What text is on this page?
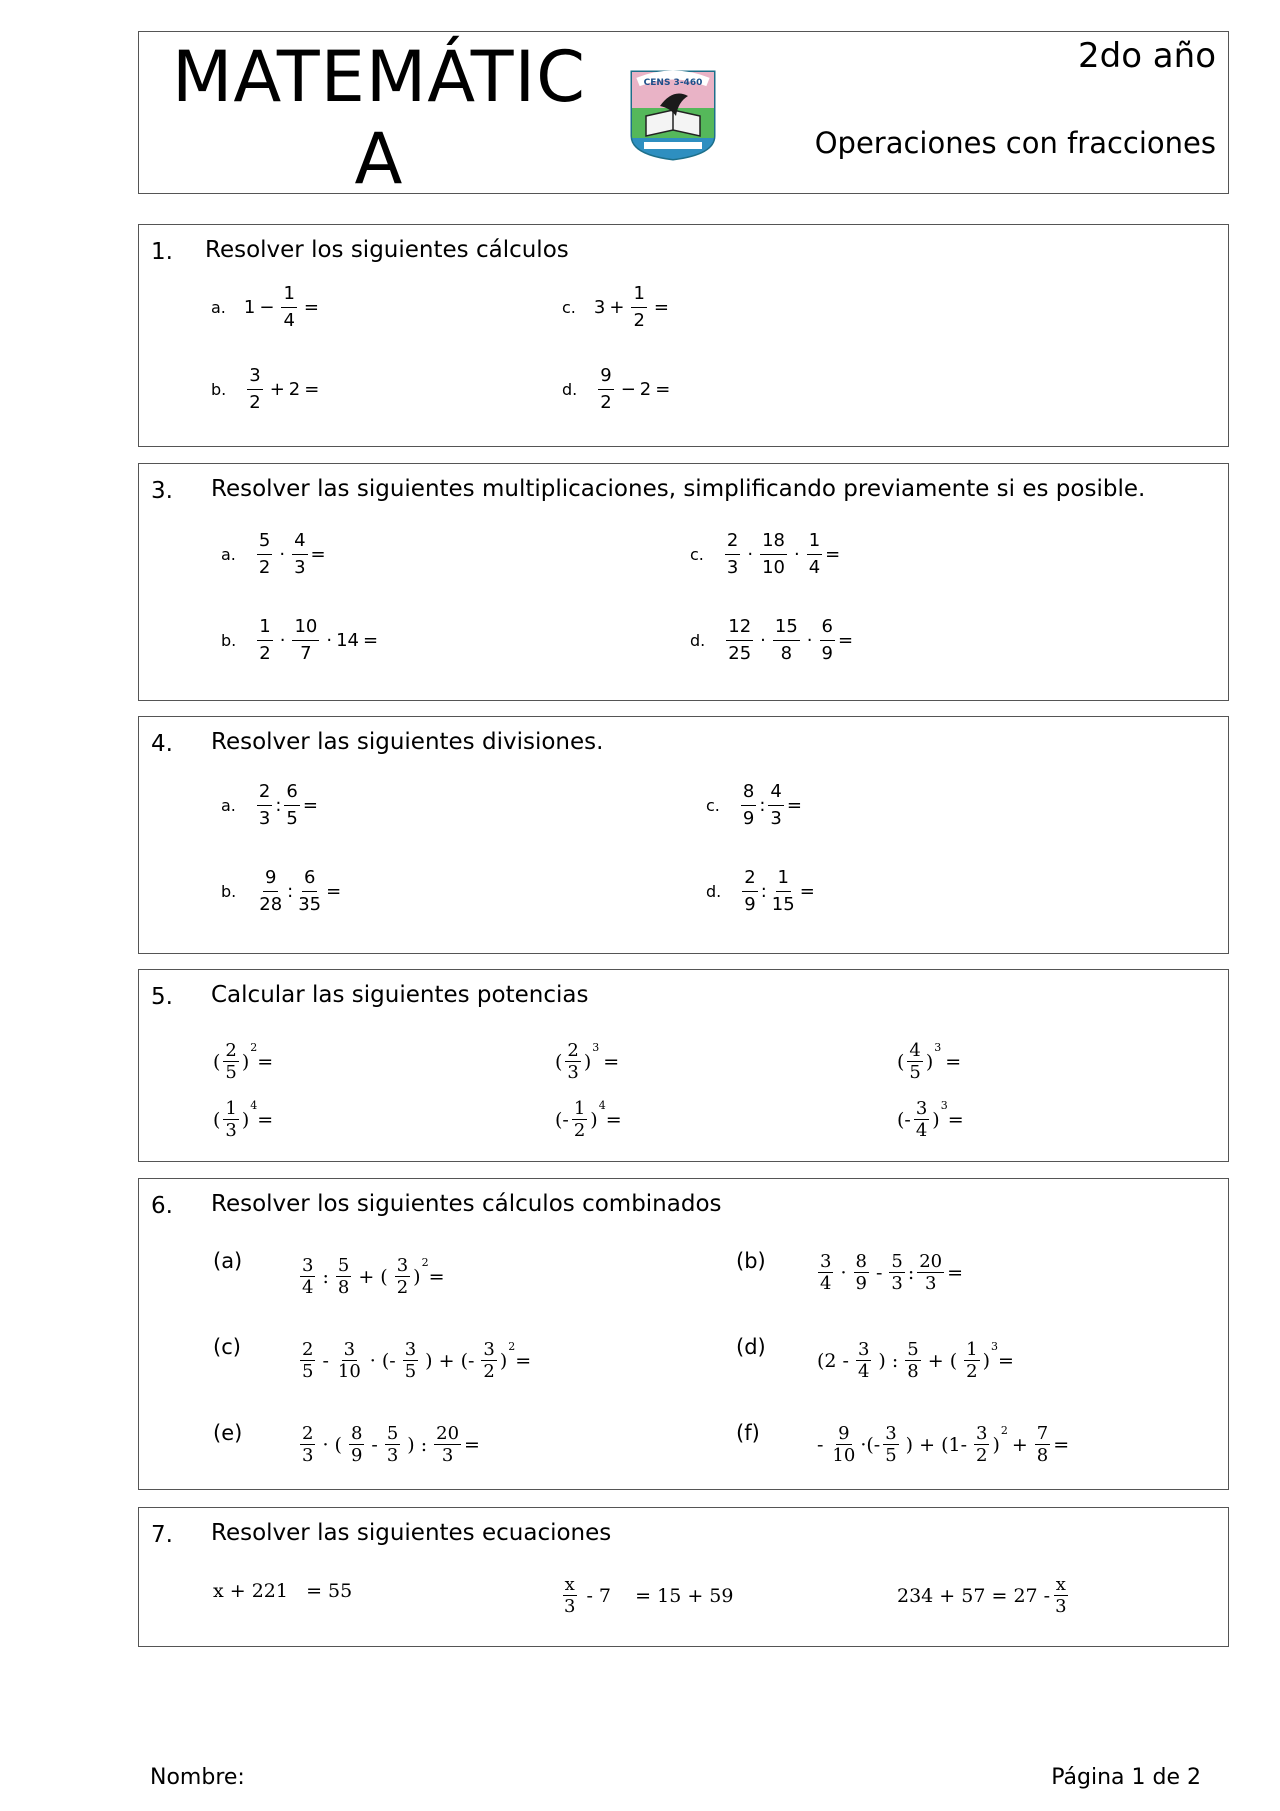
MATEMÁTIC
A
CENS 3-460
2do año
Operaciones con fracciones
1. Resolver los siguientes cálculos
a. $1 - \frac{1}{4}$ =	c. $3 + \frac{1}{2}$ =
b.
3
2
+ 2 =	d.
9
2
− 2 =
3. Resolver las siguientes multiplicaciones, simplificando previamente si es posible.
a.
5
2
· $\frac{4}{3}$ =	c.
2
3
·
18
10
· $\frac{1}{4}$ =
b.
1
2
·
10
7
· 14 =	d.
12
25
·
15
8
· $\frac{6}{9}$ =
4. Resolver las siguientes divisiones.
a.
2
3
: $\frac{6}{5}$ =	c.
8
9
: $\frac{4}{3}$ =
b.
9
28
: $\frac{6}{35}$ =	d.
2
9
: $\frac{1}{15}$ =
5. Calcular las siguientes potencias
( 2
5 )
2
=	( 2
3 )
3
=	( 4
5 )
3
=
( 1
3 )
4
=	(- 1
2 )
4
=	(- 3
4 )
3
=
6. Resolver los siguientes cálculos combinados
(a)	3
4 : 5
8 + ( 3
2 )
2
=
(b)	3
4 · 8
9 - 5
3 : $\frac{20}{3}$ =
(c)	2
5 - 3
10 · (- 3
5 ) + (- 3
2 )
2
=
(d)
(2 - 3
4 ) : 5
8 + ( 1
2 )
3
=
(e)	2
3 · ( 8
9 - 5
3 ) : $\frac{20}{3}$ =	(f)	- 9
10 ·(- 3
5 ) + (1- 3
2 )
2
+ $\frac{7}{8}$ =
7. Resolver las siguientes ecuaciones
x + 221   = 55	x
3 - 7    = 15 + 59	234 + 57 = 27 - x
3
Nombre:	Página 1 de 2
